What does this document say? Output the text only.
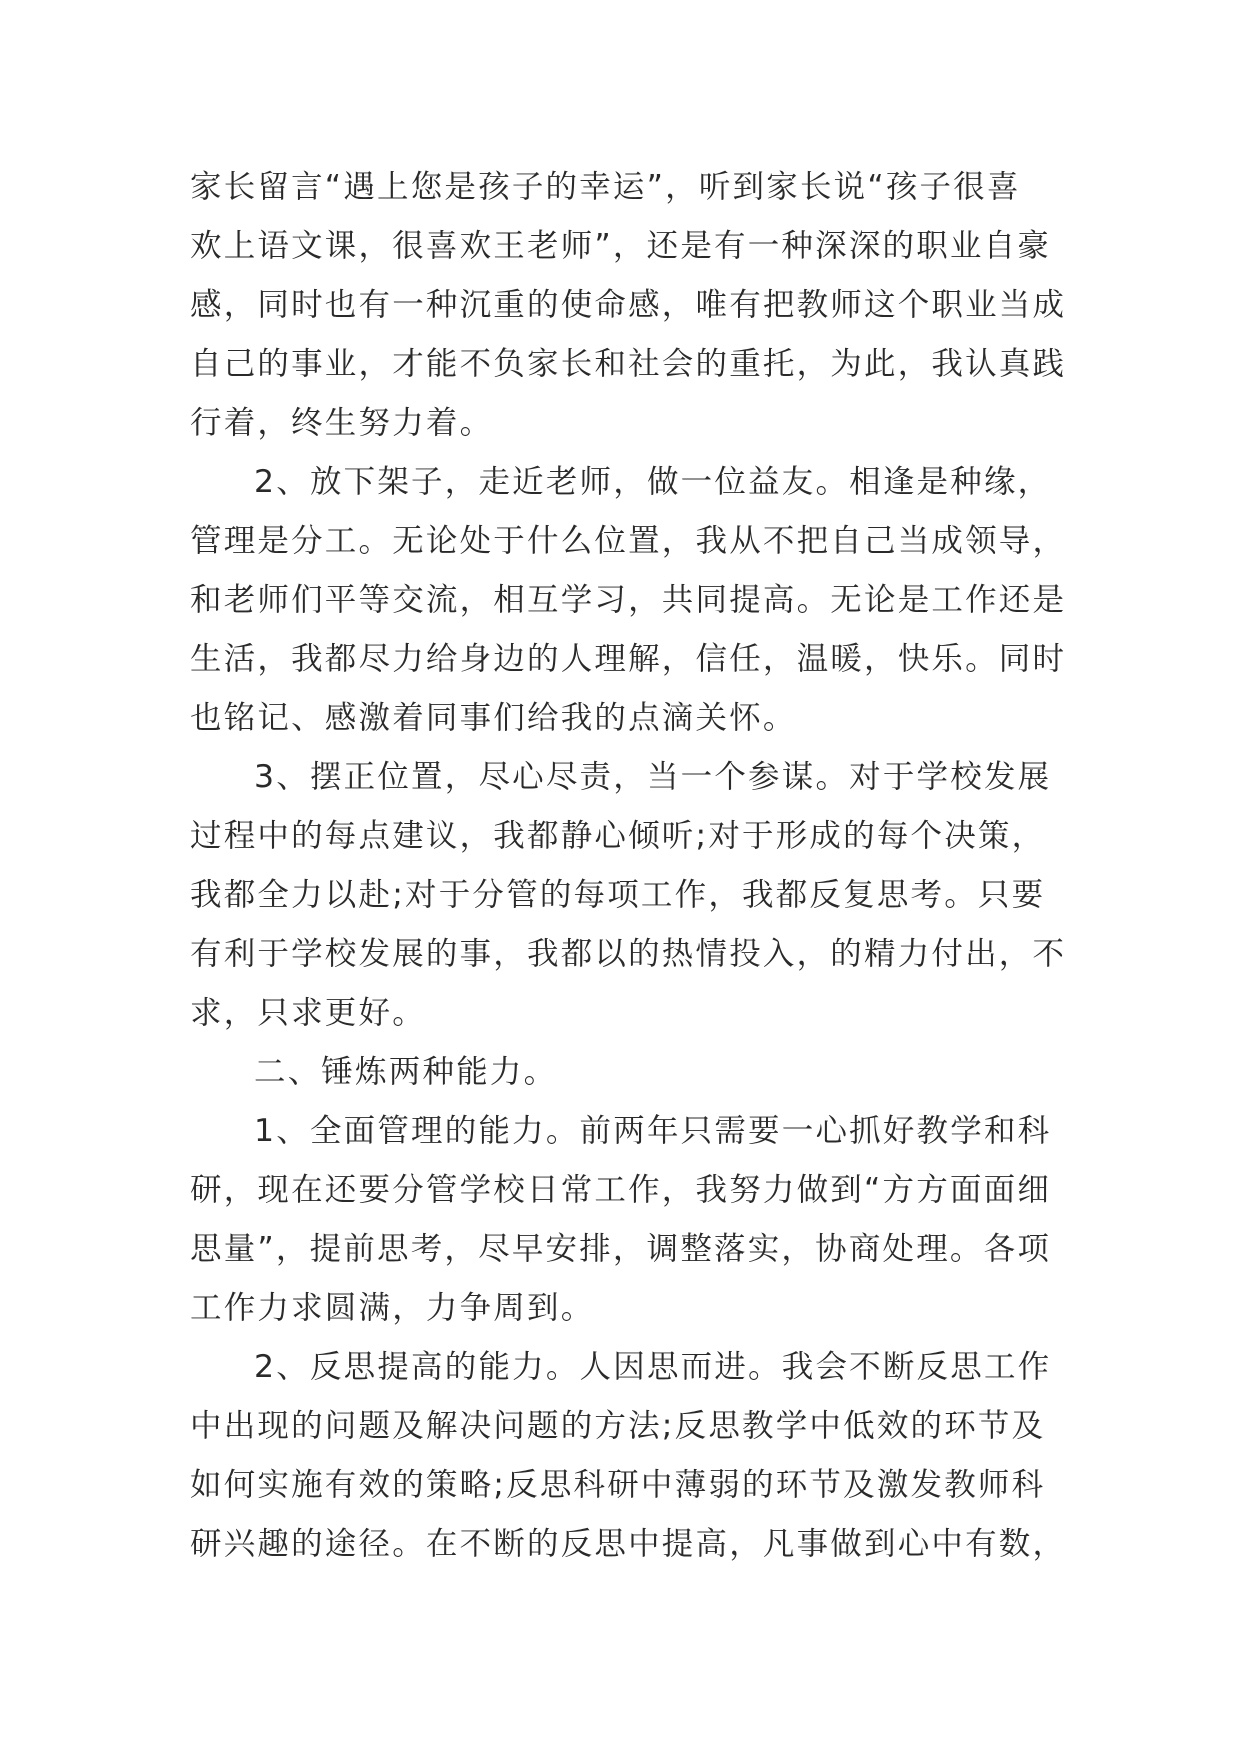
家长留言“遇上您是孩子的幸运”，听到家长说“孩子很喜
欢上语文课，很喜欢王老师”，还是有一种深深的职业自豪
感，同时也有一种沉重的使命感，唯有把教师这个职业当成
自己的事业，才能不负家长和社会的重托，为此，我认真践
行着，终生努力着。
2、放下架子，走近老师，做一位益友。相逢是种缘，
管理是分工。无论处于什么位置，我从不把自己当成领导，
和老师们平等交流，相互学习，共同提高。无论是工作还是
生活，我都尽力给身边的人理解，信任，温暖，快乐。同时
也铭记、感激着同事们给我的点滴关怀。
3、摆正位置，尽心尽责，当一个参谋。对于学校发展
过程中的每点建议，我都静心倾听;对于形成的每个决策，
我都全力以赴;对于分管的每项工作，我都反复思考。只要
有利于学校发展的事，我都以的热情投入，的精力付出，不
求，只求更好。
二、锤炼两种能力。
1、全面管理的能力。前两年只需要一心抓好教学和科
研，现在还要分管学校日常工作，我努力做到“方方面面细
思量”，提前思考，尽早安排，调整落实，协商处理。各项
工作力求圆满，力争周到。
2、反思提高的能力。人因思而进。我会不断反思工作
中出现的问题及解决问题的方法;反思教学中低效的环节及
如何实施有效的策略;反思科研中薄弱的环节及激发教师科
研兴趣的途径。在不断的反思中提高，凡事做到心中有数，
